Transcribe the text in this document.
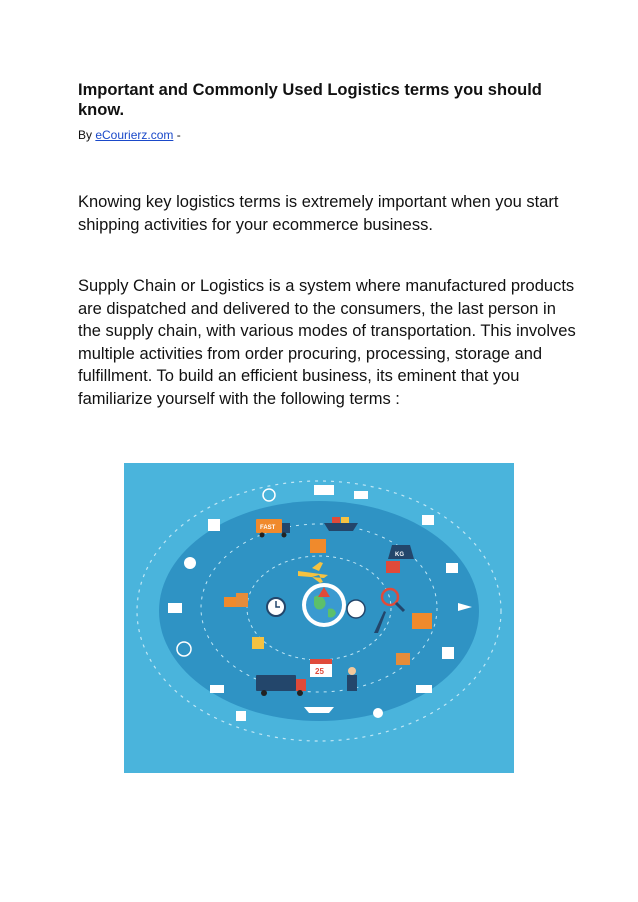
Important and Commonly Used Logistics terms you should know.
By eCourierz.com -

Knowing key logistics terms is extremely important when you start shipping activities for your ecommerce business.

Supply Chain or Logistics is a system where manufactured products are dispatched and delivered to the consumers, the last person in the supply chain, with various modes of transportation. This involves multiple activities from order procuring, processing, storage and fulfillment. To build an efficient business, its eminent that you familiarize yourself with the following terms :

FAST
KG
25
